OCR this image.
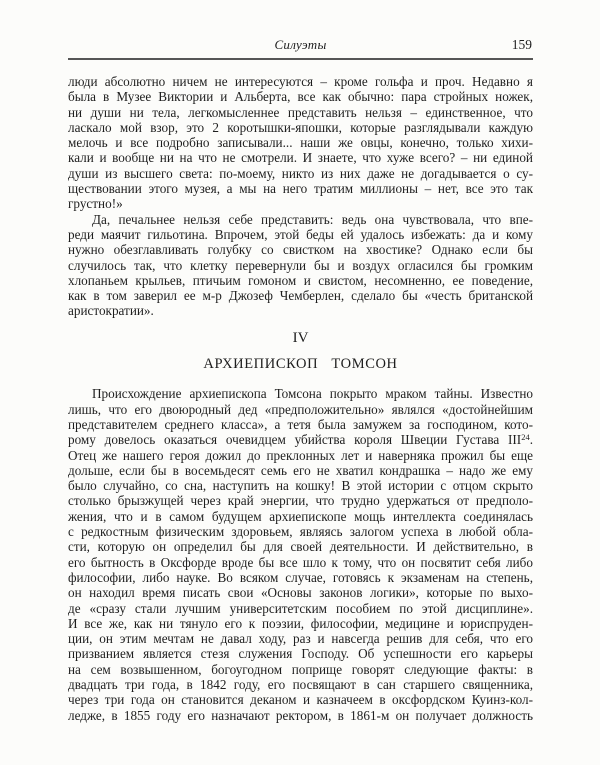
Силуэты	159
люди абсолютно ничем не интересуются – кроме гольфа и проч. Недавно я
была в Музее Виктории и Альберта, все как обычно: пара стройных ножек,
ни души ни тела, легкомысленнее представить нельзя – единственное, что
ласкало мой взор, это 2 коротышки-япошки, которые разглядывали каждую
мелочь и все подробно записывали... наши же овцы, конечно, только хихи-
кали и вообще ни на что не смотрели. И знаете, что хуже всего? – ни единой
души из высшего света: по-моему, никто из них даже не догадывается о су-
ществовании этого музея, а мы на него тратим миллионы – нет, все это так
грустно!»
Да, печальнее нельзя себе представить: ведь она чувствовала, что впе-
реди маячит гильотина. Впрочем, этой беды ей удалось избежать: да и кому
нужно обезглавливать голубку со свистком на хвостике? Однако если бы
случилось так, что клетку перевернули бы и воздух огласился бы громким
хлопаньем крыльев, птичьим гомоном и свистом, несомненно, ее поведение,
как в том заверил ее м-р Джозеф Чемберлен, сделало бы «честь британской
аристократии».
IV
АРХИЕПИСКОП ТОМСОН
Происхождение архиепископа Томсона покрыто мраком тайны. Известно
лишь, что его двоюродный дед «предположительно» являлся «достойнейшим
представителем среднего класса», а тетя была замужем за господином, кото-
рому довелось оказаться очевидцем убийства короля Швеции Густава III$^{24}$.
Отец же нашего героя дожил до преклонных лет и наверняка прожил бы еще
дольше, если бы в восемьдесят семь его не хватил кондрашка – надо же ему
было случайно, со сна, наступить на кошку! В этой истории с отцом скрыто
столько брызжущей через край энергии, что трудно удержаться от предполо-
жения, что и в самом будущем архиепископе мощь интеллекта соединялась
с редкостным физическим здоровьем, являясь залогом успеха в любой обла-
сти, которую он определил бы для своей деятельности. И действительно, в
его бытность в Оксфорде вроде бы все шло к тому, что он посвятит себя либо
философии, либо науке. Во всяком случае, готовясь к экзаменам на степень,
он находил время писать свои «Основы законов логики», которые по выхо-
де «сразу стали лучшим университетским пособием по этой дисциплине».
И все же, как ни тянуло его к поэзии, философии, медицине и юриспруден-
ции, он этим мечтам не давал ходу, раз и навсегда решив для себя, что его
призванием является стезя служения Господу. Об успешности его карьеры
на сем возвышенном, богоугодном поприще говорят следующие факты: в
двадцать три года, в 1842 году, его посвящают в сан старшего священника,
через три года он становится деканом и казначеем в оксфордском Куинз-кол-
ледже, в 1855 году его назначают ректором, в 1861-м он получает должность
